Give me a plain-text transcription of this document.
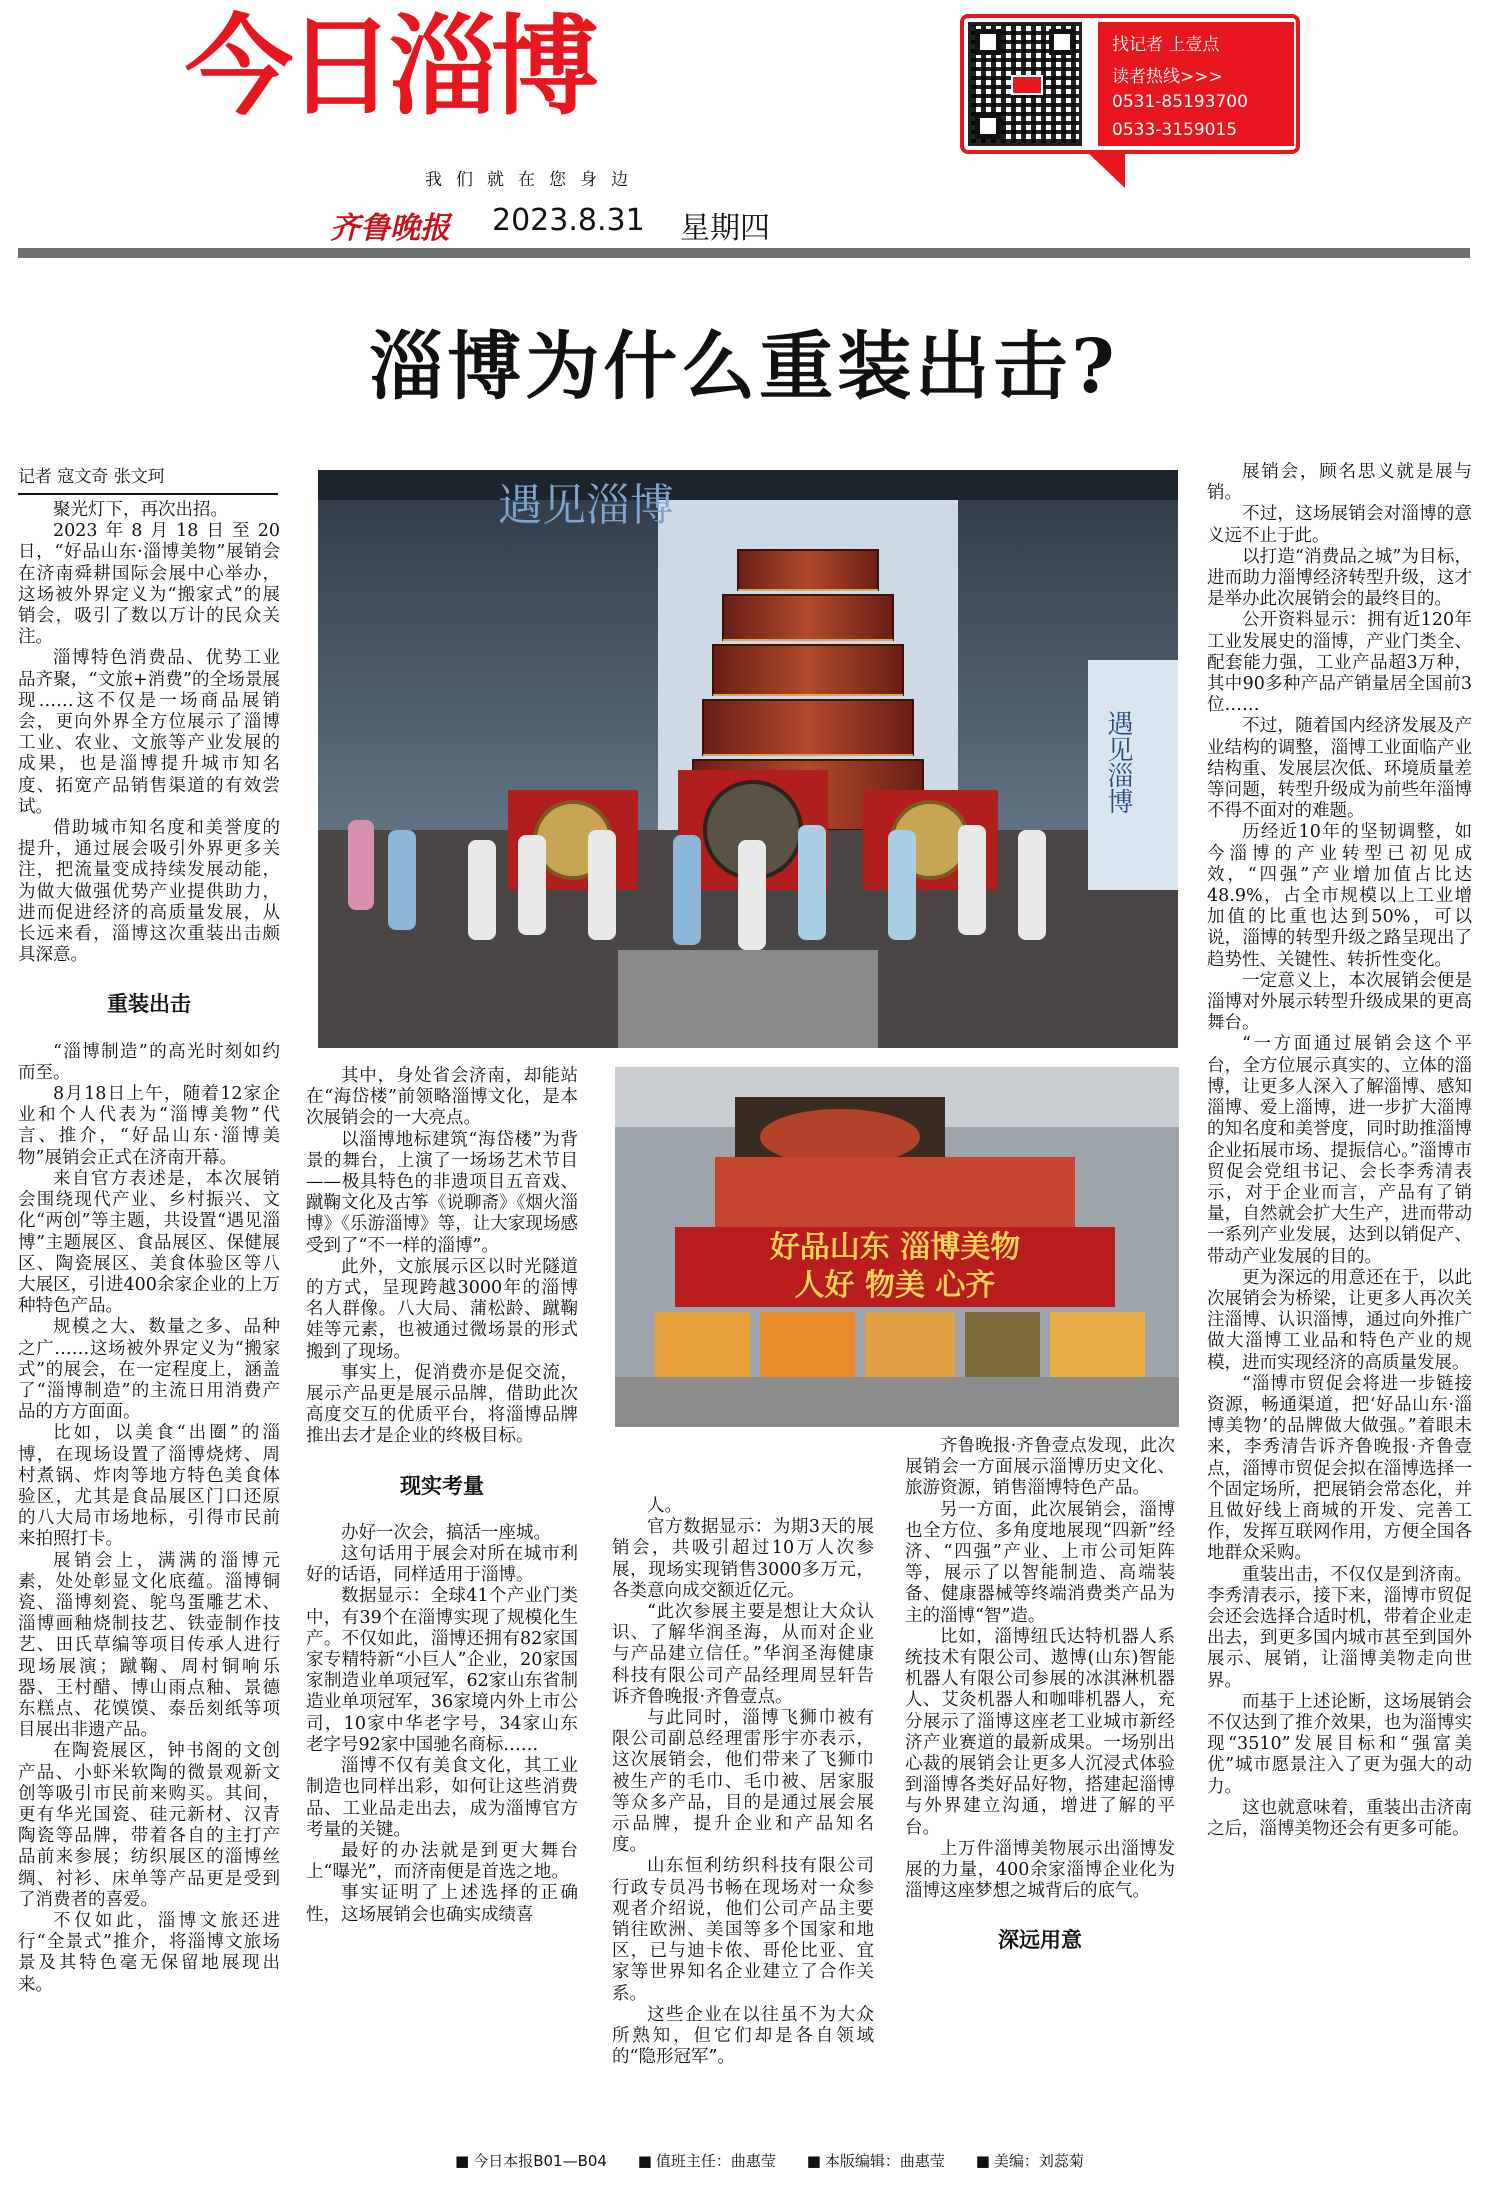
今日淄博
我们就在您身边
齐鲁晚报 2023.8.31 星期四
找记者 上壹点
读者热线>>>
0531-85193700
0533-3159015
淄博为什么重装出击?
记者 寇文奇 张文珂

聚光灯下，再次出招。

2023年8月18日至20日，“好品山东·淄博美物”展销会在济南舜耕国际会展中心举办，这场被外界定义为“搬家式”的展销会，吸引了数以万计的民众关注。

淄博特色消费品、优势工业品齐聚，“文旅+消费”的全场景展现……这不仅是一场商品展销会，更向外界全方位展示了淄博工业、农业、文旅等产业发展的成果，也是淄博提升城市知名度、拓宽产品销售渠道的有效尝试。

借助城市知名度和美誉度的提升，通过展会吸引外界更多关注，把流量变成持续发展动能，为做大做强优势产业提供助力，进而促进经济的高质量发展，从长远来看，淄博这次重装出击颇具深意。

重装出击

“淄博制造”的高光时刻如约而至。

8月18日上午，随着12家企业和个人代表为“淄博美物”代言、推介，“好品山东·淄博美物”展销会正式在济南开幕。

来自官方表述是，本次展销会围绕现代产业、乡村振兴、文化“两创”等主题，共设置“遇见淄博”主题展区、食品展区、保健展区、陶瓷展区、美食体验区等八大展区，引进400余家企业的上万种特色产品。

规模之大、数量之多、品种之广……这场被外界定义为“搬家式”的展会，在一定程度上，涵盖了“淄博制造”的主流日用消费产品的方方面面。

比如，以美食“出圈”的淄博，在现场设置了淄博烧烤、周村煮锅、炸肉等地方特色美食体验区，尤其是食品展区门口还原的八大局市场地标，引得市民前来拍照打卡。

展销会上，满满的淄博元素，处处彰显文化底蕴。淄博铜瓷、淄博刻瓷、鸵鸟蛋雕艺术、淄博画釉烧制技艺、铁壶制作技艺、田氏草编等项目传承人进行现场展演；蹴鞠、周村铜响乐器、王村醋、博山雨点釉、景德东糕点、花馍馍、泰岳刻纸等项目展出非遗产品。

在陶瓷展区，钟书阁的文创产品、小虾米软陶的微景观新文创等吸引市民前来购买。其间，更有华光国瓷、硅元新材、汉青陶瓷等品牌，带着各自的主打产品前来参展；纺织展区的淄博丝绸、衬衫、床单等产品更是受到了消费者的喜爱。

不仅如此，淄博文旅还进行“全景式”推介，将淄博文旅场景及其特色毫无保留地展现出来。

遇见淄博
遇见淄博

其中，身处省会济南，却能站在“海岱楼”前领略淄博文化，是本次展销会的一大亮点。

以淄博地标建筑“海岱楼”为背景的舞台，上演了一场场艺术节目——极具特色的非遗项目五音戏、蹴鞠文化及古筝《说聊斋》《烟火淄博》《乐游淄博》等，让大家现场感受到了“不一样的淄博”。

此外，文旅展示区以时光隧道的方式，呈现跨越3000年的淄博名人群像。八大局、蒲松龄、蹴鞠娃等元素，也被通过微场景的形式搬到了现场。

事实上，促消费亦是促交流，展示产品更是展示品牌，借助此次高度交互的优质平台，将淄博品牌推出去才是企业的终极目标。

现实考量

办好一次会，搞活一座城。

这句话用于展会对所在城市利好的话语，同样适用于淄博。

数据显示：全球41个产业门类中，有39个在淄博实现了规模化生产。不仅如此，淄博还拥有82家国家专精特新“小巨人”企业，20家国家制造业单项冠军，62家山东省制造业单项冠军，36家境内外上市公司，10家中华老字号，34家山东老字号92家中国驰名商标……

淄博不仅有美食文化，其工业制造也同样出彩，如何让这些消费品、工业品走出去，成为淄博官方考量的关键。

最好的办法就是到更大舞台上“曝光”，而济南便是首选之地。

事实证明了上述选择的正确性，这场展销会也确实成绩喜

好品山东 淄博美物
人好 物美 心齐

人。

官方数据显示：为期3天的展销会，共吸引超过10万人次参展，现场实现销售3000多万元，各类意向成交额近亿元。

“此次参展主要是想让大众认识、了解华润圣海，从而对企业与产品建立信任。”华润圣海健康科技有限公司产品经理周昱轩告诉齐鲁晚报·齐鲁壹点。

与此同时，淄博飞狮巾被有限公司副总经理雷彤宇亦表示，这次展销会，他们带来了飞狮巾被生产的毛巾、毛巾被、居家服等众多产品，目的是通过展会展示品牌，提升企业和产品知名度。

山东恒利纺织科技有限公司行政专员冯书畅在现场对一众参观者介绍说，他们公司产品主要销往欧洲、美国等多个国家和地区，已与迪卡侬、哥伦比亚、宜家等世界知名企业建立了合作关系。

这些企业在以往虽不为大众所熟知，但它们却是各自领域的“隐形冠军”。

齐鲁晚报·齐鲁壹点发现，此次展销会一方面展示淄博历史文化、旅游资源，销售淄博特色产品。

另一方面，此次展销会，淄博也全方位、多角度地展现“四新”经济、“四强”产业、上市公司矩阵等，展示了以智能制造、高端装备、健康器械等终端消费类产品为主的淄博“智”造。

比如，淄博纽氏达特机器人系统技术有限公司、遨博(山东)智能机器人有限公司参展的冰淇淋机器人、艾灸机器人和咖啡机器人，充分展示了淄博这座老工业城市新经济产业赛道的最新成果。一场别出心裁的展销会让更多人沉浸式体验到淄博各类好品好物，搭建起淄博与外界建立沟通，增进了解的平台。

上万件淄博美物展示出淄博发展的力量，400余家淄博企业化为淄博这座梦想之城背后的底气。

深远用意

展销会，顾名思义就是展与销。

不过，这场展销会对淄博的意义远不止于此。

以打造“消费品之城”为目标，进而助力淄博经济转型升级，这才是举办此次展销会的最终目的。

公开资料显示：拥有近120年工业发展史的淄博，产业门类全、配套能力强，工业产品超3万种，其中90多种产品产销量居全国前3位……

不过，随着国内经济发展及产业结构的调整，淄博工业面临产业结构重、发展层次低、环境质量差等问题，转型升级成为前些年淄博不得不面对的难题。

历经近10年的坚韧调整，如今淄博的产业转型已初见成效，“四强”产业增加值占比达48.9%，占全市规模以上工业增加值的比重也达到50%，可以说，淄博的转型升级之路呈现出了趋势性、关键性、转折性变化。

一定意义上，本次展销会便是淄博对外展示转型升级成果的更高舞台。

“一方面通过展销会这个平台，全方位展示真实的、立体的淄博，让更多人深入了解淄博、感知淄博、爱上淄博，进一步扩大淄博的知名度和美誉度，同时助推淄博企业拓展市场、提振信心。”淄博市贸促会党组书记、会长李秀清表示，对于企业而言，产品有了销量，自然就会扩大生产，进而带动一系列产业发展，达到以销促产、带动产业发展的目的。

更为深远的用意还在于，以此次展销会为桥梁，让更多人再次关注淄博、认识淄博，通过向外推广做大淄博工业品和特色产业的规模，进而实现经济的高质量发展。

“淄博市贸促会将进一步链接资源，畅通渠道，把‘好品山东·淄博美物’的品牌做大做强。”着眼未来，李秀清告诉齐鲁晚报·齐鲁壹点，淄博市贸促会拟在淄博选择一个固定场所，把展销会常态化，并且做好线上商城的开发、完善工作，发挥互联网作用，方便全国各地群众采购。

重装出击，不仅仅是到济南。李秀清表示，接下来，淄博市贸促会还会选择合适时机，带着企业走出去，到更多国内城市甚至到国外展示、展销，让淄博美物走向世界。

而基于上述论断，这场展销会不仅达到了推介效果，也为淄博实现“3510”发展目标和“强富美优”城市愿景注入了更为强大的动力。

这也就意味着，重装出击济南之后，淄博美物还会有更多可能。

■ 今日本报B01—B04	■ 值班主任：曲惠莹	■ 本版编辑：曲惠莹	■ 美编：刘蕊菊
